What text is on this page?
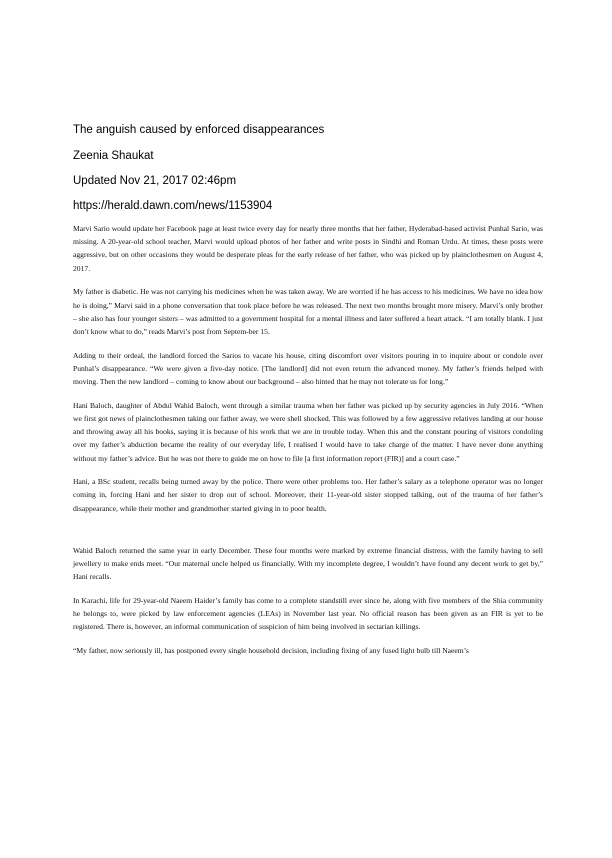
The anguish caused by enforced disappearances
Zeenia Shaukat
Updated Nov 21, 2017 02:46pm
https://herald.dawn.com/news/1153904

Marvi Sario would update her Facebook page at least twice every day for nearly three months that her father, Hyderabad-based activist Punhal Sario, was missing. A 20-year-old school teacher, Marvi would upload photos of her father and write posts in Sindhi and Roman Urdu. At times, these posts were aggressive, but on other occasions they would be desperate pleas for the early release of her father, who was picked up by plainclothesmen on August 4, 2017.

My father is diabetic. He was not carrying his medicines when he was taken away. We are worried if he has access to his medicines. We have no idea how he is doing,” Marvi said in a phone conversation that took place before he was released. The next two months brought more misery. Marvi’s only brother – she also has four younger sisters – was admitted to a government hospital for a mental illness and later suffered a heart attack. “I am totally blank. I just don’t know what to do,” reads Marvi’s post from Septem-ber 15.

Adding to their ordeal, the landlord forced the Sarios to vacate his house, citing discomfort over visitors pouring in to inquire about or condole over Punhal’s disappearance. “We were given a five-day notice. [The landlord] did not even return the advanced money. My father’s friends helped with moving. Then the new landlord – coming to know about our background – also hinted that he may not tolerate us for long.”

Hani Baloch, daughter of Abdul Wahid Baloch, went through a similar trauma when her father was picked up by security agencies in July 2016. “When we first got news of plainclothesmen taking our father away, we were shell shocked. This was followed by a few aggressive relatives landing at our house and throwing away all his books, saying it is because of his work that we are in trouble today. When this and the constant pouring of visitors condoling over my father’s abduction became the reality of our everyday life, I realised I would have to take charge of the matter. I have never done anything without my father’s advice. But he was not there to guide me on how to file [a first information report (FIR)] and a court case.”

Hani, a BSc student, recalls being turned away by the police. There were other problems too. Her father’s salary as a telephone operator was no longer coming in, forcing Hani and her sister to drop out of school. Moreover, their 11-year-old sister stopped talking, out of the trauma of her father’s disappearance, while their mother and grandmother started giving in to poor health.

Wahid Baloch returned the same year in early December. These four months were marked by extreme financial distress, with the family having to sell jewellery to make ends meet. “Our maternal uncle helped us financially. With my incomplete degree, I wouldn’t have found any decent work to get by,” Hani recalls.

In Karachi, life for 29-year-old Naeem Haider’s family has come to a complete standstill ever since he, along with five members of the Shia community he belongs to, were picked by law enforcement agencies (LEAs) in November last year. No official reason has been given as an FIR is yet to be registered. There is, however, an informal communication of suspicion of him being involved in sectarian killings.

“My father, now seriously ill, has postponed every single household decision, including fixing of any fused light bulb till Naeem’s
